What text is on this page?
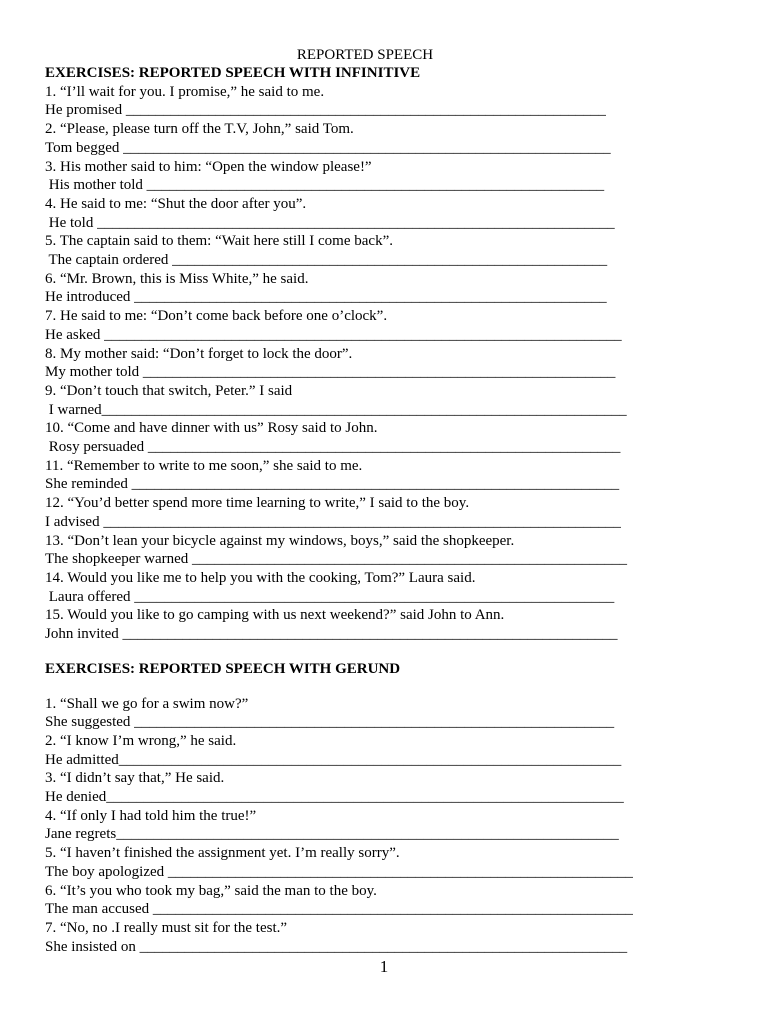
REPORTED SPEECH
EXERCISES: REPORTED SPEECH WITH INFINITIVE
1. “I’ll wait for you. I promise,” he said to me.
He promised ________________________________________________________________
2. “Please, please turn off the T.V, John,” said Tom.
Tom begged _________________________________________________________________
3. His mother said to him: “Open the window please!”
His mother told _____________________________________________________________
4. He said to me: “Shut the door after you”.
He told _____________________________________________________________________
5. The captain said to them: “Wait here still I come back”.
The captain ordered __________________________________________________________
6. “Mr. Brown, this is Miss White,” he said.
He introduced _______________________________________________________________
7. He said to me: “Don’t come back before one o’clock”.
He asked _____________________________________________________________________
8. My mother said: “Don’t forget to lock the door”.
My mother told _______________________________________________________________
9. “Don’t touch that switch, Peter.” I said
I warned______________________________________________________________________
10. “Come and have dinner with us” Rosy said to John.
Rosy persuaded _______________________________________________________________
11. “Remember to write to me soon,” she said to me.
She reminded _________________________________________________________________
12. “You’d better spend more time learning to write,” I said to the boy.
I advised _____________________________________________________________________
13. “Don’t lean your bicycle against my windows, boys,” said the shopkeeper.
The shopkeeper warned __________________________________________________________
14. Would you like me to help you with the cooking, Tom?” Laura said.
Laura offered ________________________________________________________________
15. Would you like to go camping with us next weekend?” said John to Ann.
John invited __________________________________________________________________
EXERCISES: REPORTED SPEECH WITH GERUND
1. “Shall we go for a swim now?”
She suggested ________________________________________________________________
2. “I know I’m wrong,” he said.
He admitted___________________________________________________________________
3. “I didn’t say that,” He said.
He denied_____________________________________________________________________
4. “If only I had told him the true!”
Jane regrets___________________________________________________________________
5. “I haven’t finished the assignment yet. I’m really sorry”.
The boy apologized ______________________________________________________________
6. “It’s you who took my bag,” said the man to the boy.
The man accused ________________________________________________________________
7. “No, no .I really must sit for the test.”
She insisted on _________________________________________________________________
1
